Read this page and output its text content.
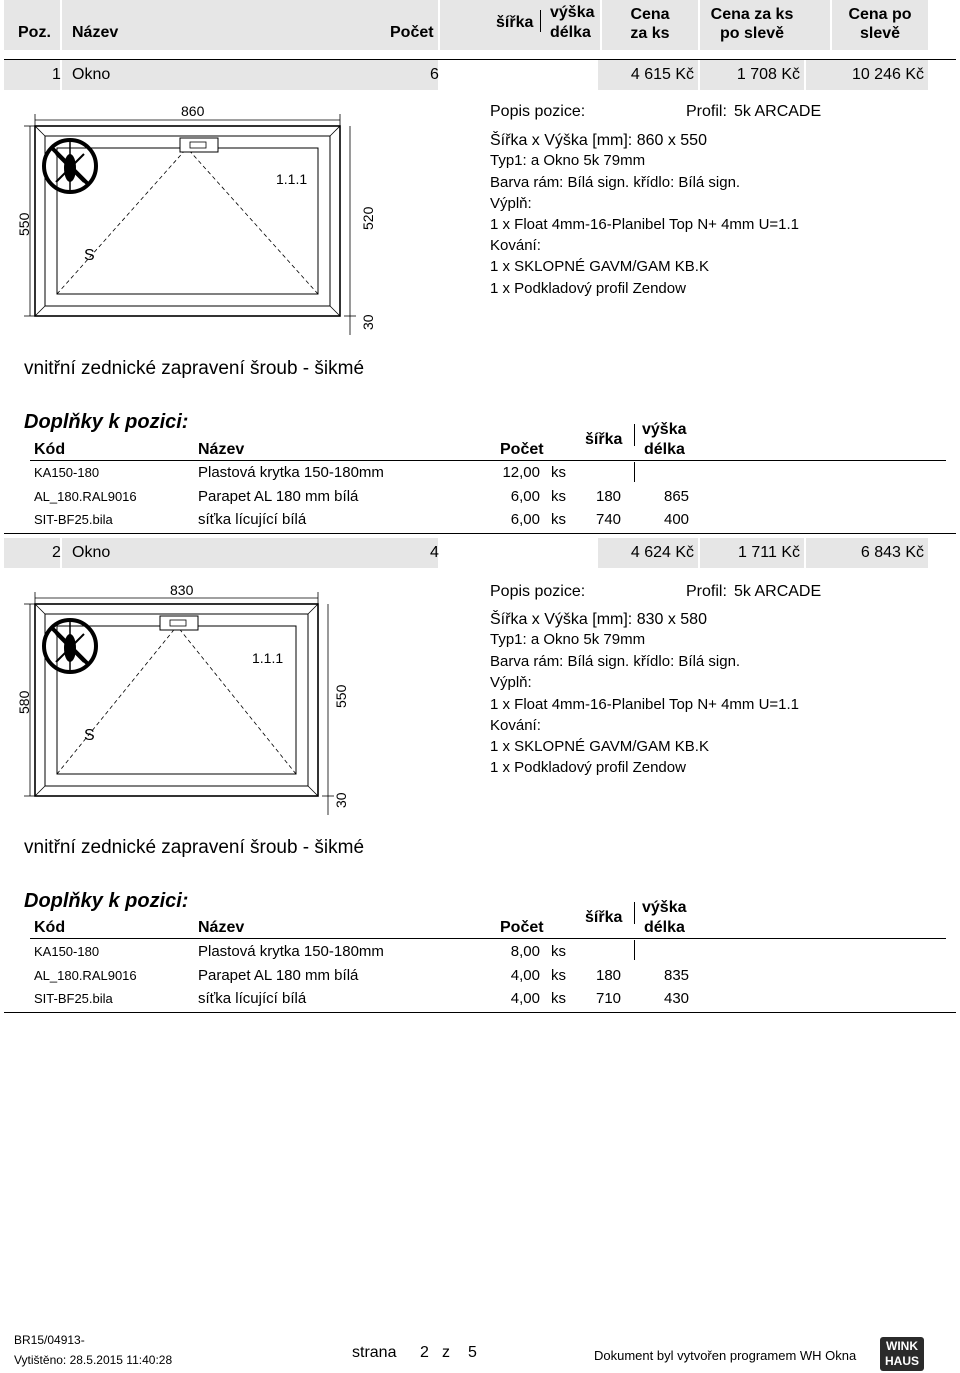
Poz. Název	Počet
šířka
výška
délka
Cena
za ks
Cena za ks
po slevě
Cena po
slevě
1 Okno	6	4 615 Kč	1 708 Kč	10 246 Kč
860
550	520
30
1.1.1
S
Popis pozice:	Profil: 5k ARCADE
Šířka x Výška [mm]: 860 x 550
Typ1: a Okno 5k 79mm
Barva rám: Bílá sign. křídlo: Bílá sign.
Výplň:
1 x Float 4mm-16-Planibel Top N+ 4mm U=1.1
Kování:
1 x SKLOPNÉ GAVM/GAM KB.K
1 x Podkladový profil Zendow
vnitřní zednické zapravení šroub - šikmé
Doplňky k pozici:
Kód	Název	Počet
šířka
výška
délka
KA150-180	Plastová krytka 150-180mm	12,00 ks
AL_180.RAL9016	Parapet AL 180 mm bílá	6,00 ks 180	865
SIT-BF25.bila	síťka lícující bílá	6,00 ks 740	400
2 Okno	4	4 624 Kč	1 711 Kč	6 843 Kč
830
580	550
30
1.1.1
S
Popis pozice:	Profil: 5k ARCADE
Šířka x Výška [mm]: 830 x 580
Typ1: a Okno 5k 79mm
Barva rám: Bílá sign. křídlo: Bílá sign.
Výplň:
1 x Float 4mm-16-Planibel Top N+ 4mm U=1.1
Kování:
1 x SKLOPNÉ GAVM/GAM KB.K
1 x Podkladový profil Zendow
vnitřní zednické zapravení šroub - šikmé
Doplňky k pozici:
Kód	Název	Počet
šířka
výška
délka
KA150-180	Plastová krytka 150-180mm	8,00 ks
AL_180.RAL9016	Parapet AL 180 mm bílá	4,00 ks 180	835
SIT-BF25.bila	síťka lícující bílá	4,00 ks 710	430
BR15/04913-
Vytištěno: 28.5.2015 11:40:28	strana 2 z 5	Dokument byl vytvořen programem WH Okna
WINK
HAUS
